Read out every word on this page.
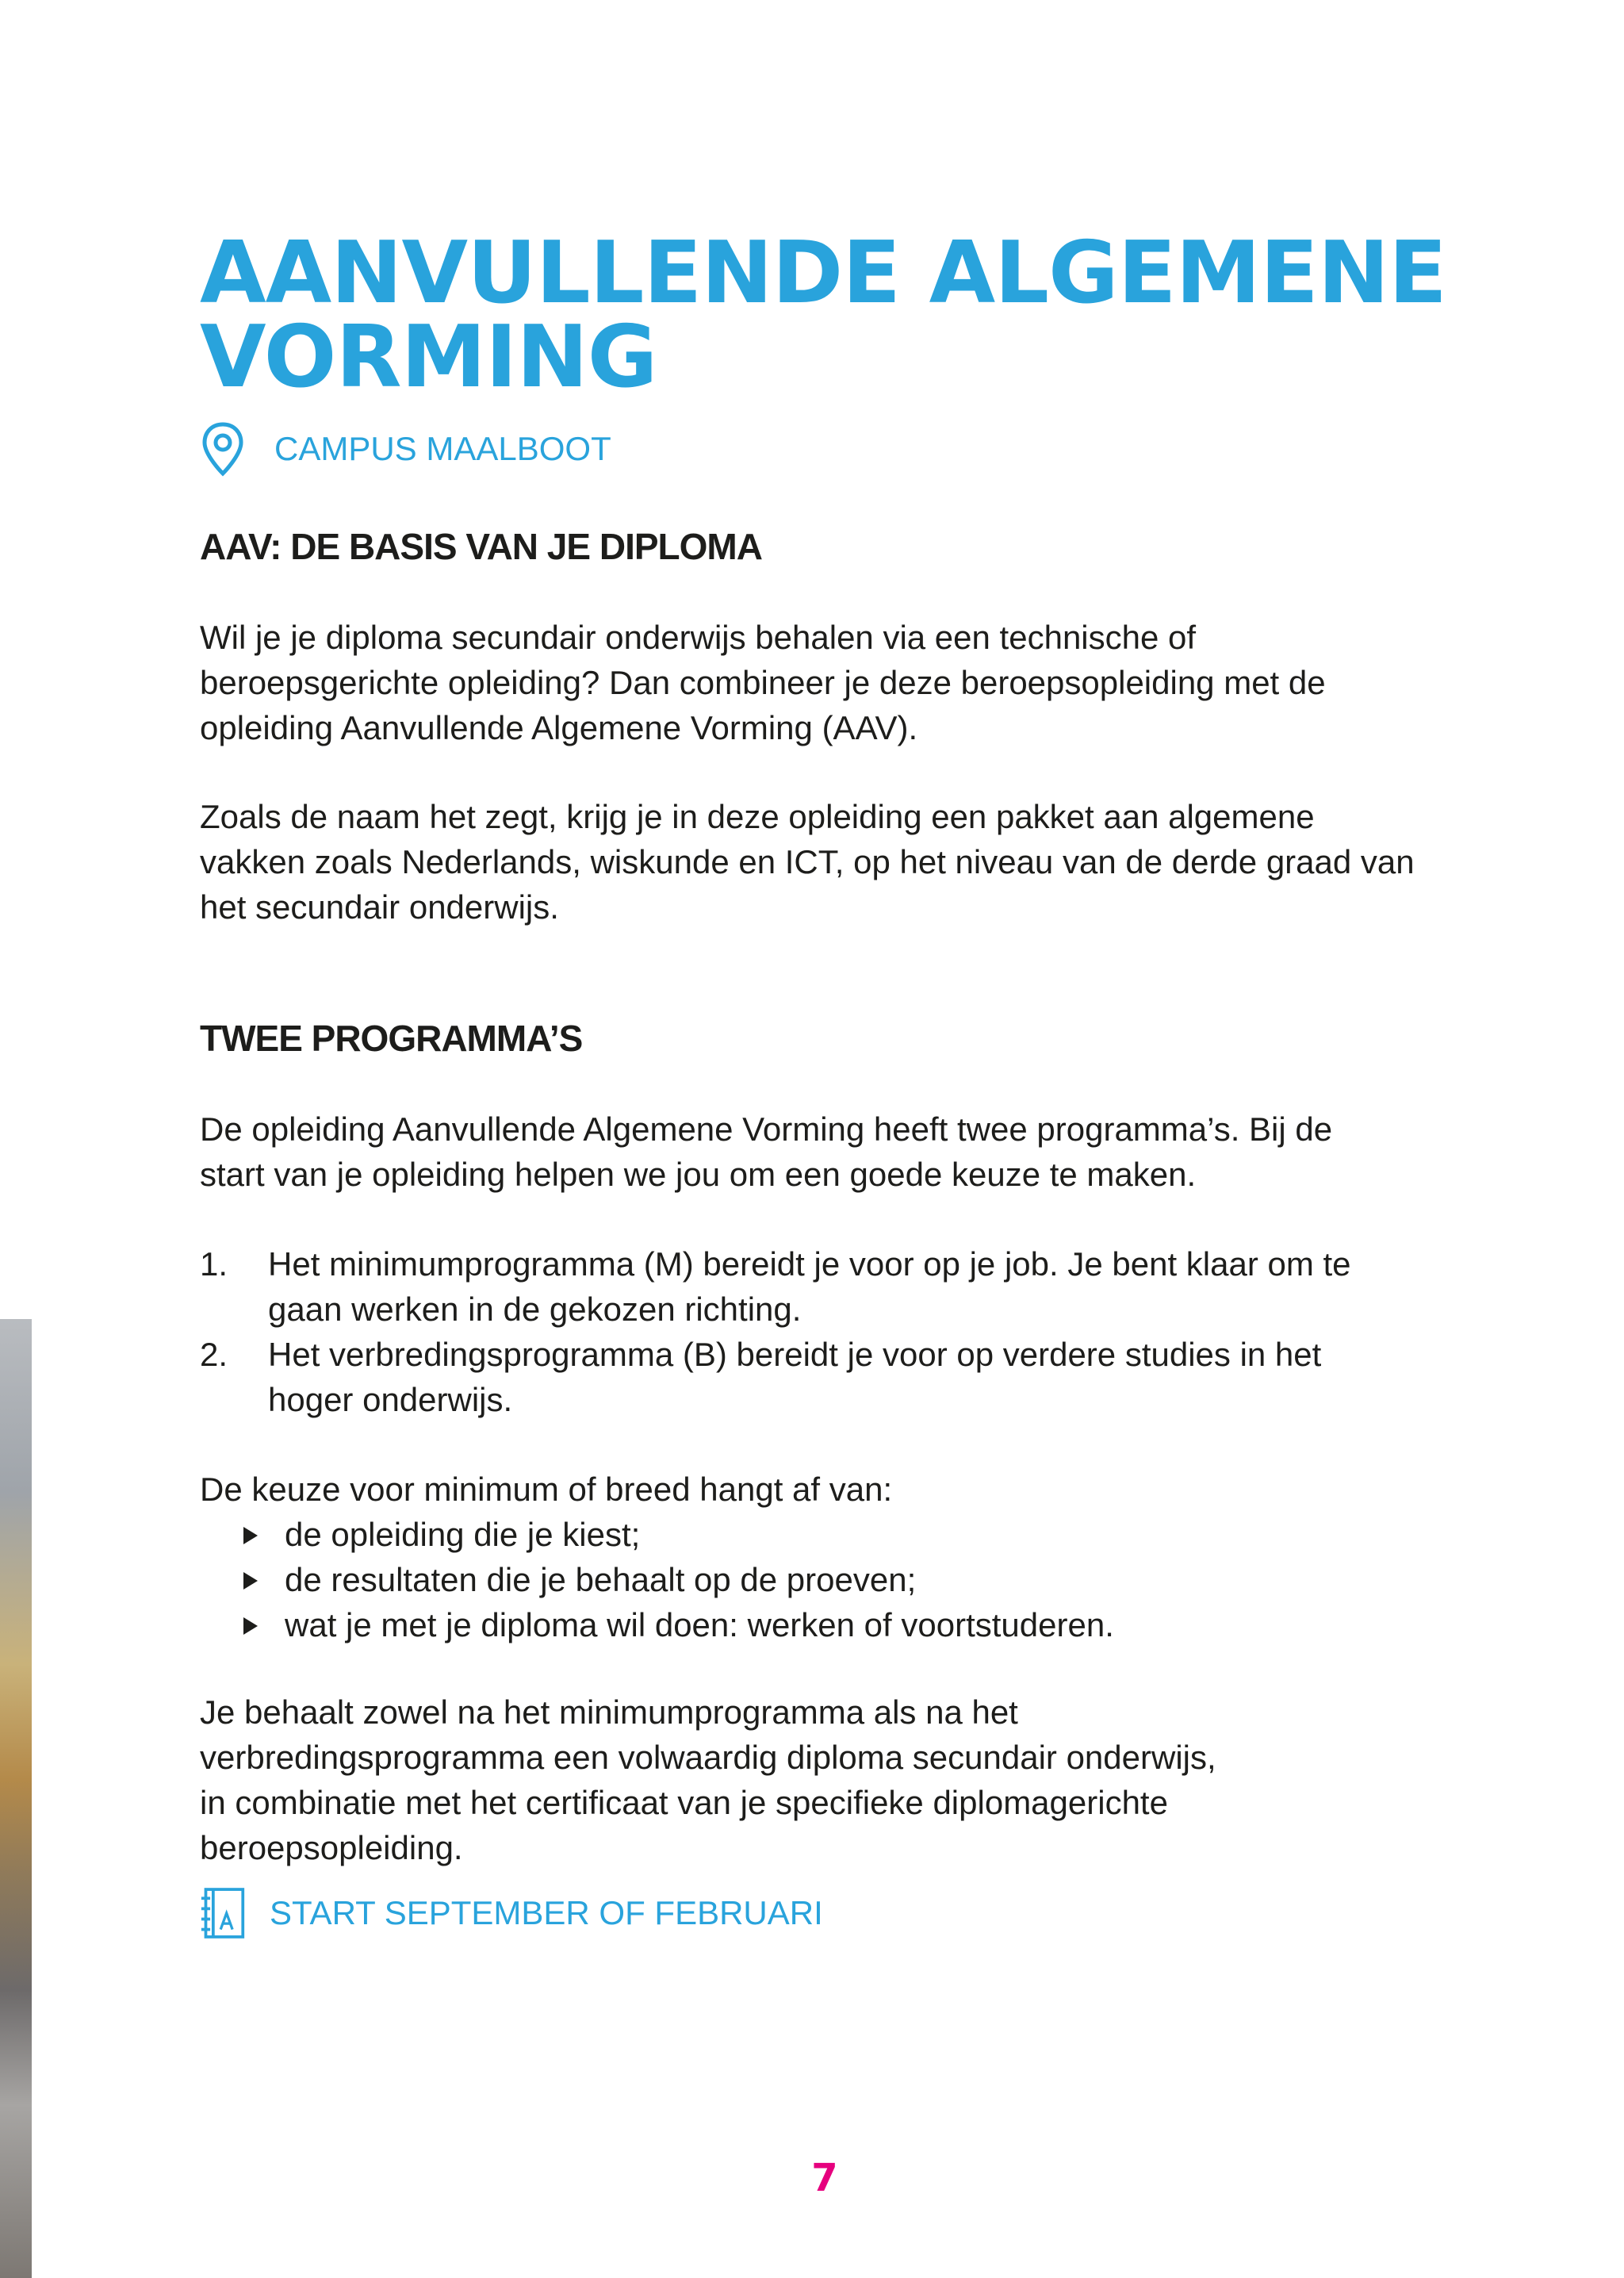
AANVULLENDE ALGEMENE
VORMING
CAMPUS MAALBOOT
AAV: DE BASIS VAN JE DIPLOMA

Wil je je diploma secundair onderwijs behalen via een technische of
beroepsgerichte opleiding? Dan combineer je deze beroepsopleiding met de
opleiding Aanvullende Algemene Vorming (AAV).

Zoals de naam het zegt, krijg je in deze opleiding een pakket aan algemene
vakken zoals Nederlands, wiskunde en ICT, op het niveau van de derde graad van
het secundair onderwijs.

TWEE PROGRAMMA’S

De opleiding Aanvullende Algemene Vorming heeft twee programma’s. Bij de
start van je opleiding helpen we jou om een goede keuze te maken.

1. Het minimumprogramma (M) bereidt je voor op je job. Je bent klaar om te
gaan werken in de gekozen richting.
2. Het verbredingsprogramma (B) bereidt je voor op verdere studies in het
hoger onderwijs.

De keuze voor minimum of breed hangt af van:

de opleiding die je kiest;
de resultaten die je behaalt op de proeven;
wat je met je diploma wil doen: werken of voortstuderen.

Je behaalt zowel na het minimumprogramma als na het
verbredingsprogramma een volwaardig diploma secundair onderwijs,
in combinatie met het certificaat van je specifieke diplomagerichte
beroepsopleiding.

START SEPTEMBER OF FEBRUARI
7
